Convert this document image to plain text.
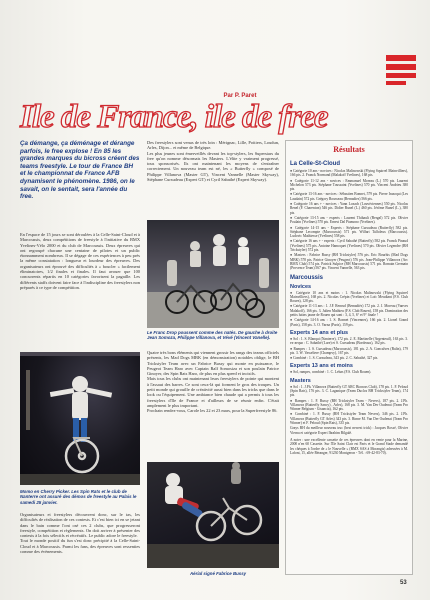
Par P. Paret
Ile de France, ile de free
Ça démange, ça déménage et dérange parfois, le free explose ! En 85 les grandes marques du bicross créent des teams freestyle. Le tour de France BH et le championnat de France AFB dynamisent le phénomène. 1986, on le savait, on le sentait, sera l'année du free.
En l'espace de 15 jours se sont déroulées à la Celle-Saint-Cloud et à Marcoussis, deux compétitions de freestyle à l'initiative du BMX Yvelines-Vélo 2000 et du club de Marcoussis. Deux épreuves qui ont regroupé chacune une centaine de pilotes et un public étonnamment nombreux. Il se dégage de ces expériences à peu près la même constatation : longueur et lourdeur des épreuves. Des organisateurs ont éprouvé des difficultés à « boucler » facilement éliminatoires, 1/2 finales et finales. Il faut avouer que 100 concurrents répartis en 10 catégories favorisent la pagaille. Les différents staffs doivent faire face à l'indiscipline des freestylers non préparés à ce type de compétition.
Des freestylers sont venus de très loin : Mérignac, Lille, Poitiers, Loudun, Arles, Dijon... et même de Belgique.
Les plus jeunes sont émerveillés devant les top-stylers, les Superstars du free qu'on nomme désormais les Masters. L'élite y vraiment progressé, tous sponsorisés. Ils ont maintenant les moyens de s'entraîner correctement. Un nouveau team est né, les « Butterfly » composé de Philippe Villanova (Master GT), Vincent Vannelle (Master Skyway), Stéphane Cursudeau (Expert GT) et Cyril Sabathé (Expert Skyway).
Le Franc Drop poussent comme des natés. De gauche à droite Jean Somoza, Philippe Villanova, et Vévé (Vincent Vanelle).
Quatre très bons éléments qui viennent grossir les rangs des teams officiels présents, les Mad Dogs MBK (en démonstration) notables oblige, le BH Trickstyler Team avec un Fabrice Bussy qui monte en puissance, le Peugeot Team Haro avec Captain Ralf Somosiza et son poulain Patrice Ginoyer, des Spin Rats Haro, de plus en plus speed et incisifs.
Mais tous les clubs ont maintenant leurs freestylers de pointe qui montent à l'assaut des barres. Ce sont ceux-là qui forment le gros des troupes. Un petit monde qui grouille de créativité aussi bien dans les tricks que dans le look ou l'équipement. Une ambiance bien chaude qui a permis à tous les freestylers d'Ile de France et d'ailleurs de se réunir enfin. C'était amplement le plus important.
Prochain rendez-vous, Carole les 22 et 23 mars, pour la Superfreestyle 86.
Momo en Cherry Picker. Les Spin Rats et le club de Nanterre ont assuré des démos de freestyle au Palais le samedi 25 janvier.
Organisateurs et freestylers découvrent donc, sur le tas, les difficultés de réalisation de ces contests. Et c'est bien ici en se jetant dans le bain comme l'ont osé ces 2 clubs, que progresseront freestyle, compétition et règlements. On doit arriver à présenter des contests à la fois sélectifs et récréatifs. Le public adore le freestyle.
Tout le monde positif du fun s'est donc précipité à la Celle-Saint-Cloud et à Marcoussis. Parmi les fans, des épreuves sont ressenties comme des évènements.
Aérial signé Fabrice Bussy
Résultats
La Celle-St-Cloud
● Catégorie 10 ans - novices : Nicolas Malinowski (Flying Squirrel Mainvilliers), 166 pts. 2. Franck Normand (Malakoff Yvelines), 168 pts.
● Catégorie 11-12 ans - novices : Emmanuel Moreau (L.) 570 pts. Laurent Michelon 573 pts. Stéphane Toussaint (Yvelines) 570 pts. Vincent Andrieu 380 pts.
● Catégorie 13-16 ans - novices : Sébastien Bonnet, 579 pts. Pierre Irazoqui (Les Laudain) 572 pts. Grégory Rousseau (Bernadies) 566 pts.
● Catégorie 16 ans + - novices : Yann Lozach (Louvèciennes) 550 pts. Nicolas Renel (F. Charenton) 546 pts. Didier Bunel (L.) 460 pts. Jérôme Bunel (L.), 380 pts.
● Catégorie 13-15 ans - experts : Laurent Thibault (Bergal) 572 pts. Olivier Poulain (Yvelines) 570 pts. Ernest Dal Piamono (Yvelines).
● Catégorie 14-15 ans - Experts : Stéphane Cursudeau (Butterfly) 582 pts. Stéphane Lecompte (Marcoussis) 571 pts. Wilfart Talfoleux (Marcoussis). Ludovic Mathiesse (Yvelines) 558 pts.
● Catégorie 16 ans + - experts : Cyril Sabathé (Butterfly) 582 pts. Franck Pinaud (Yvelines) 575 pts. Antoine Hamoquet (Yvelines) 570 pts. Olivier Legendre (BH Trickstyler) 572 pts.
● Masters : Fabrice Bussy (BH Trickstyler) 576 pts. Eric Bourhis (Mad Dogs MBK) 578 pts. Patrice Ginoyer (Peugeot) 576 pts. Jean-Philippe Villanova (Arc BMX Club) 574 pts. Patrick Sulpice (BH Marcoussis) 571 pts. Romain Germain (Provence Team) 567 pts. Vincent Vannelle, 563 pts.
Marcoussis
Novices
● Catégorie 10 ans et moins : 1. Nicolas Malinowski (Flying Squirrel Mainvilliers), 168 pts. 2. Nicolas Crépin (Yvelines) et Loïc Meudiant (F.S. Club Rouen), 128 pts.
● Catégorie 11-13 ans : 1. J.F. Renrud (Bemadiès) 172 pts. 2. J. Moreau (Vanves Malakoff), 166 pts. 3. Julien Mathieu (F.S. Club Rouen), 158 pts. Domination des petits lutins jaune de Rouen qui sont : 3, 4, 5, 6° et 9° finale !
● Catégorie 14-16 ans : 1. S. Bonnet (Vincennes), 166 pts. 2. Lionel Grand (Paris), 158 pts. 3. O. Varna (Paris), 159 pts.
Experts 14 ans et plus
● Sol : 1. S. Blanqui (Nanterre), 172 pts. 2. E. Martinelle (Argenteuil), 163 pts. 3. ex-aequo : C. Sabathé (Lure) et S. Cursudeau (Bordeaux), 162 pts.
● Rampes : 1. S. Cursudeau (Marcoussis), 181 pts. 2. A. Goncalves (Balin), 179 pts. 3. W. Vasseliere (Champvy), 167 pts.
● Combiné : 1. S. Cursudeau, 343 pts. 2. C. Sabathé, 327 pts.
Experts 13 ans et moins
● Sol, rampes, combiné : 1. C. Lebas (F.S. Club Rouen).
Masters
● Sol : 1. J.Ph. Villanova (Butterfly GT ARC Bionoss Club), 178 pts. 1. F. Peloud (Spin Rats), 176 pts. 3. C. Laganique (Team Duclos BH Trickstyler Team), 174 pts.
● Rampes : 1. F. Bussy (BH Trickstyler Team - Nevers), 187 pts. 2. J.Ph. Villanova (Butterfly Sancy) , Arles), 168 pts. 3. M. Van Der Oudenai (Team Pro Winner Belgium - Gisancia), 162 pts.
● Combiné : 1. F. Bussy (BH Trickstyler Team Nevers), 346 pts. 2. J.Ph. Villanova (Butterfly GT Arles) 343 pts. 3. Rinne M. Van Der Oudenai (Team Pro Winner) et F. Peloud (Spin Rats), 335 pts.
Grays BH du meilleur nouveau truc (best newest trick) : Jacques Rossé, Olivier Vierna et catégorie Expert Ibrahim Bilgalé.
A noter : une excellente cassette de ces épreuves dont en vente pour la Marine, 2000 n'en 60 Cassette. Sur l'Ile Saint Clair est Paris et le Grand Stade demandé les chèques à l'ordre de « le Nouvelle » (BMX SAS à Morangis) adressées à M. Lafont, 15, allée Béranger, 91230 Montgeron - Tél. : 69-42-83-70).
53
